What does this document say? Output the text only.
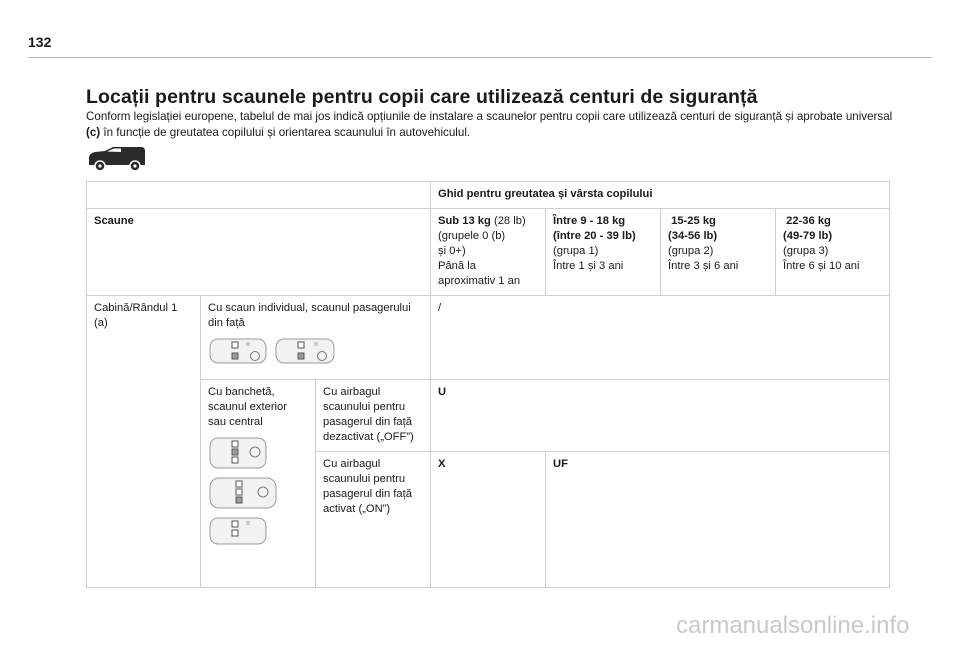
132
Locații pentru scaunele pentru copii care utilizează centuri de siguranță

Conform legislației europene, tabelul de mai jos indică opțiunile de instalare a scaunelor pentru copii care utilizează centuri de siguranță și aprobate universal (c) în funcție de greutatea copilului și orientarea scaunului în autovehiculul.

			Ghid pentru greutatea și vârsta copilului			
Scaune			Sub 13 kg (28 lb)
(grupele 0 (b)
și 0+)
Până la
aproximativ 1 an	Între 9 - 18 kg
(între 20 - 39 lb)
(grupa 1)
Între 1 și 3 ani	15-25 kg
(34-56 lb)
(grupa 2)
Între 3 și 6 ani	22-36 kg
(49-79 lb)
(grupa 3)
Între 6 și 10 ani
Cabină/Rândul 1 (a)	Cu scaun individual, scaunul pasagerului din față		/			
	Cu banchetă, scaunul exterior sau central	Cu airbagul scaunului pentru pasagerul din față dezactivat („OFF”)	U			
		Cu airbagul scaunului pentru pasagerul din față activat („ON”)	X	UF		
carmanualsonline.info
